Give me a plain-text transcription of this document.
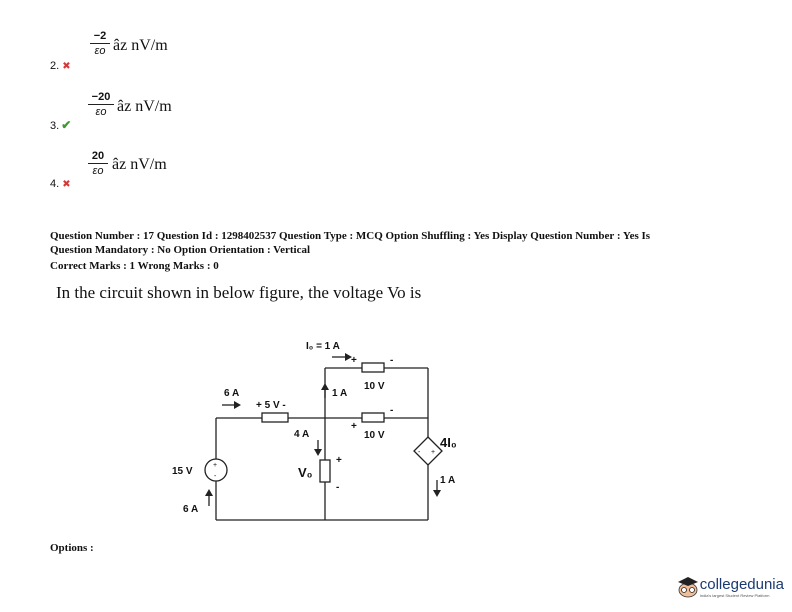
−2
εo âz nV/m
2. ✖
−20
εo âz nV/m
3. ✔
20
εo âz nV/m
4. ✖
Question Number : 17 Question Id : 1298402537 Question Type : MCQ Option Shuffling : Yes Display Question Number : Yes Is
Question Mandatory : No Option Orientation : Vertical
Correct Marks : 1 Wrong Marks : 0
In the circuit shown in below figure, the voltage Vo is
I₀ = 1 A
+	-
10 V
1 A
6 A
+ 5 V -
+
-
10 V
4 A
15 V
6 A
+
-
1 A
+
-
- +
V₀
4I₀
Options :
collegedunia
India's largest Student Review Platform
